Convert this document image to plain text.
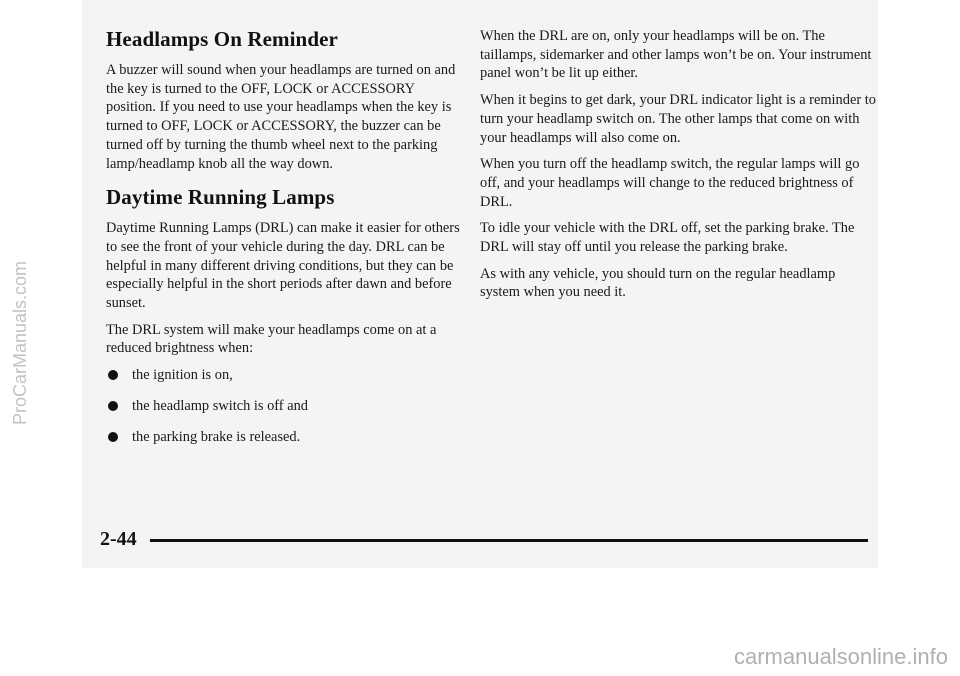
Headlamps On Reminder

A buzzer will sound when your headlamps are turned on and the key is turned to the OFF, LOCK or ACCESSORY position. If you need to use your headlamps when the key is turned to OFF, LOCK or ACCESSORY, the buzzer can be turned off by turning the thumb wheel next to the parking lamp/headlamp knob all the way down.

Daytime Running Lamps

Daytime Running Lamps (DRL) can make it easier for others to see the front of your vehicle during the day. DRL can be helpful in many different driving conditions, but they can be especially helpful in the short periods after dawn and before sunset.

The DRL system will make your headlamps come on at a reduced brightness when:

the ignition is on,
the headlamp switch is off and
the parking brake is released.

When the DRL are on, only your headlamps will be on. The taillamps, sidemarker and other lamps won’t be on. Your instrument panel won’t be lit up either.

When it begins to get dark, your DRL indicator light is a reminder to turn your headlamp switch on. The other lamps that come on with your headlamps will also come on.

When you turn off the headlamp switch, the regular lamps will go off, and your headlamps will change to the reduced brightness of DRL.

To idle your vehicle with the DRL off, set the parking brake. The DRL will stay off until you release the parking brake.

As with any vehicle, you should turn on the regular headlamp system when you need it.

2-44
ProCarManuals.com
carmanualsonline.info
